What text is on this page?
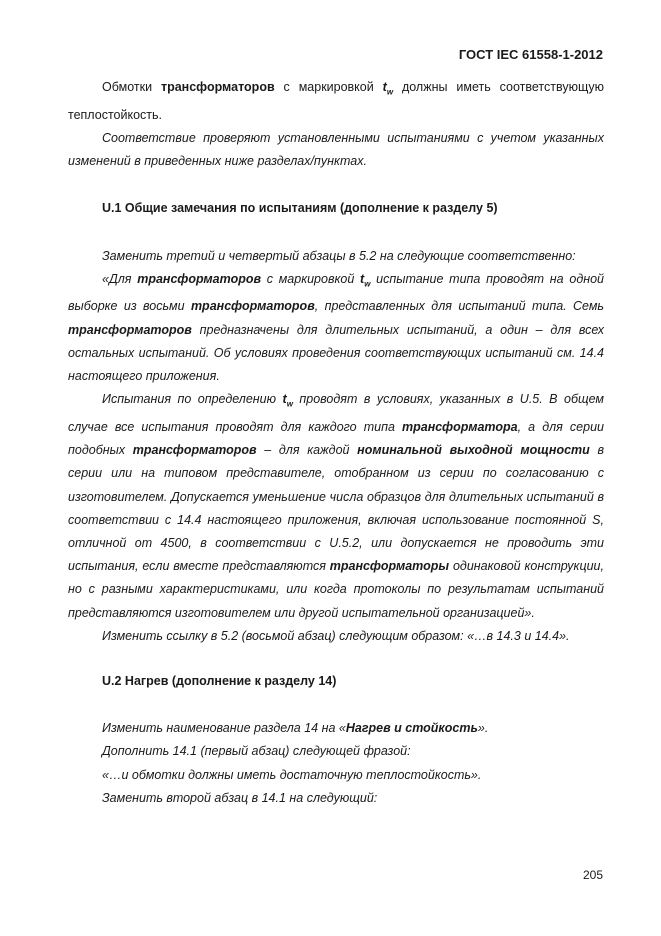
ГОСТ IEC 61558-1-2012

Обмотки трансформаторов с маркировкой $t_w$ должны иметь соответствующую теплостойкость.

Соответствие проверяют установленными испытаниями с учетом указанных изменений в приведенных ниже разделах/пунктах.

U.1 Общие замечания по испытаниям (дополнение к разделу 5)

Заменить третий и четвертый абзацы в 5.2 на следующие соответственно:

«Для трансформаторов с маркировкой $t_w$ испытание типа проводят на одной выборке из восьми трансформаторов, представленных для испытаний типа. Семь трансформаторов предназначены для длительных испытаний, а один – для всех остальных испытаний. Об условиях проведения соответствующих испытаний см. 14.4 настоящего приложения.

Испытания по определению $t_w$ проводят в условиях, указанных в U.5. В общем случае все испытания проводят для каждого типа трансформатора, а для серии подобных трансформаторов – для каждой номинальной выходной мощности в серии или на типовом представителе, отобранном из серии по согласованию с изготовителем. Допускается уменьшение числа образцов для длительных испытаний в соответствии с 14.4 настоящего приложения, включая использование постоянной S, отличной от 4500, в соответствии с U.5.2, или допускается не проводить эти испытания, если вместе представляются трансформаторы одинаковой конструкции, но с разными характеристиками, или когда протоколы по результатам испытаний представляются изготовителем или другой испытательной организацией».

Изменить ссылку в 5.2 (восьмой абзац) следующим образом: «…в 14.3 и 14.4».

U.2 Нагрев (дополнение к разделу 14)

Изменить наименование раздела 14 на «Нагрев и стойкость».

Дополнить 14.1 (первый абзац) следующей фразой:

«…и обмотки должны иметь достаточную теплостойкость».

Заменить второй абзац в 14.1 на следующий:

205
